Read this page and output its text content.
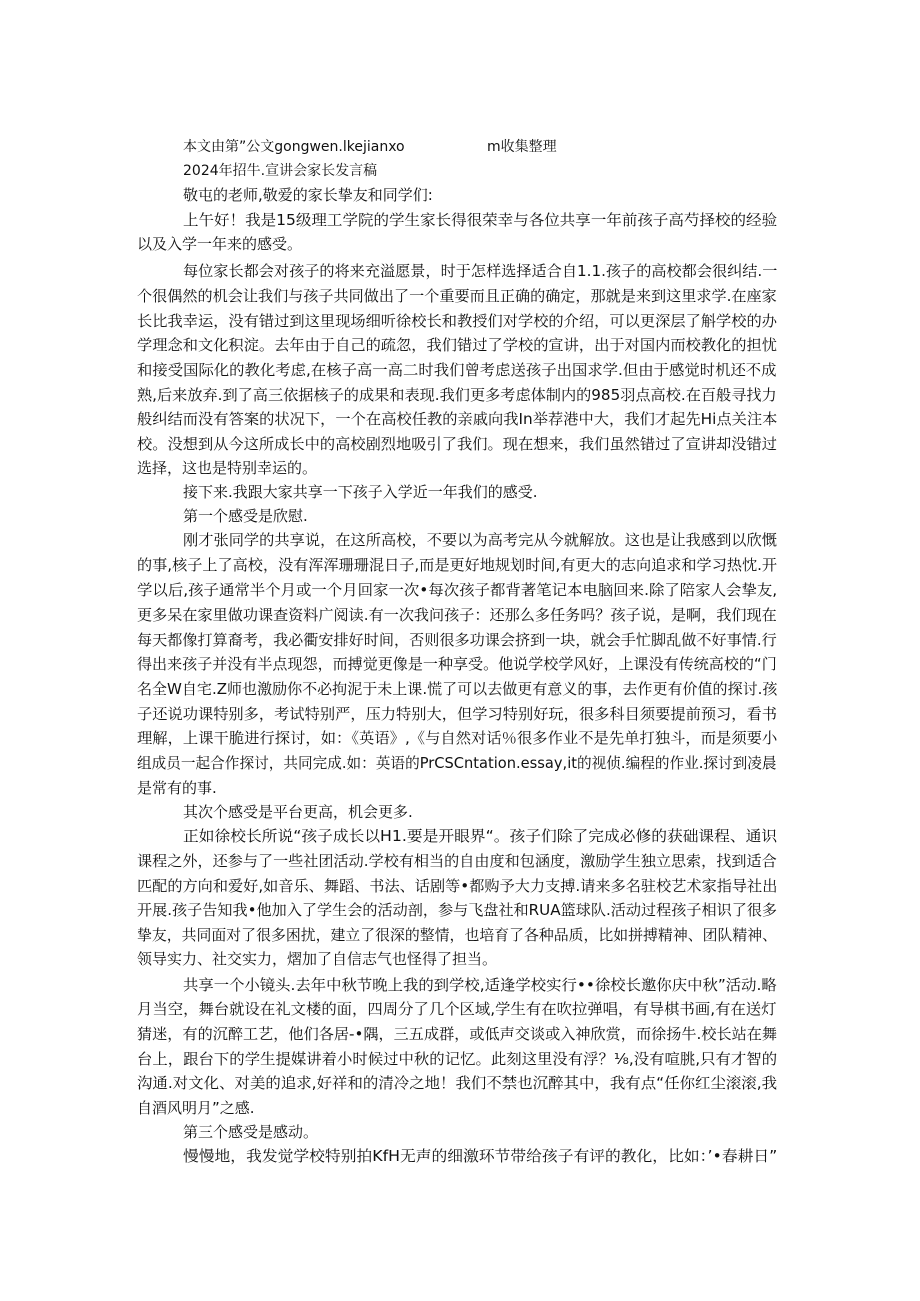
本文由第”公文gongwen.lkejianxo	m收集整理
2024年招牛.宣讲会家长发言稿
敬屯的老师,敬爱的家长挚友和同学们:
上午好！我是15级理工学院的学生家长得很荣幸与各位共享一年前孩子高芍择校的经验
以及入学一年来的感受。
每位家长都会对孩子的将来充溢愿景，时于怎样选择适合自1.1.孩子的高校都会很纠结.一
个很偶然的机会让我们与孩子共同做出了一个重要而且正确的确定，那就是来到这里求学.在座家
长比我幸运，没有错过到这里现场细听徐校长和教授们对学校的介绍，可以更深层了斛学校的办
学理念和文化积淀。去年由于自己的疏忽，我们错过了学校的宣讲，出于对国内而校教化的担忧
和接受国际化的教化考虑,在核子高一高二时我们曾考虑送孩子出国求学.但由于感觉时机还不成
熟,后来放弃.到了高三依据核子的成果和表现.我们更多考虑体制内的985羽点高校.在百般寻找力
般纠结而没有答案的状况下，一个在高校任教的亲戚向我In举荐港中大，我们才起先Hi点关注本
校。没想到从今这所成长中的高校剧烈地吸引了我们。现在想来，我们虽然错过了宣讲却没错过
选择，这也是特别幸运的。
接下来.我跟大家共享一下孩子入学近一年我们的感受.
第一个感受是欣慰.
刚才张同学的共享说，在这所高校，不要以为高考完从今就解放。这也是让我感到以欣慨
的事,核子上了高校，没有浑浑珊珊混日子,而是更好地规划时间,有更大的志向追求和学习热忱.开
学以后,孩子通常半个月或一个月回家一次•每次孩子都背著笔记本电脑回来.除了陪家人会挚友,
更多呆在家里做功课查资料广阅读.有一次我问孩子：还那么多任务吗？孩子说，是啊，我们现在
每天都像打算裔考，我必衢安排好时间，否则很多功课会挤到一块，就会手忙脚乱做不好事情.行
得出来孩子并没有半点现怨，而搏觉更像是一种享受。他说学校学风好，上课没有传统高校的“门
名全W自宅.Z师也激励你不必拘泥于未上课.慌了可以去做更有意义的事，去作更有价值的探讨.孩
子还说功课特别多，考试特别严，压力特别大，但学习特别好玩，很多科目须要提前预习，看书
理解，上课干脆进行探讨，如：《英语》,《与自然对话％很多作业不是先单打独斗，而是须要小
组成员一起合作探讨，共同完成.如：英语的PrCSCntation.essay,it的视侦.编程的作业.探讨到凌晨
是常有的事.
其次个感受是平台更高，机会更多.
正如徐校长所说“孩子成长以H1.要是开眼界“。孩子们除了完成必修的获础课程、通识
课程之外，还参与了一些社团活动.学校有相当的自由度和包涵度，激励学生独立思索，找到适合
匹配的方向和爱好,如音乐、舞蹈、书法、话剧等•都购予大力支搏.请来多名驻校艺术家指导社出
开展.孩子告知我•他加入了学生会的活动剖，参与飞盘社和RUA篮球队.活动过程孩子相识了很多
挚友，共同面对了很多困扰，建立了很深的整情，也培育了各种品质，比如拼搏精神、团队精神、
领导实力、社交实力，熠加了自信志气也怪得了担当。
共享一个小镜头.去年中秋节晚上我的到学校,适逢学校实行••徐校长邀你庆中秋”活动.略
月当空，舞台就设在礼文楼的面，四周分了几个区域,学生有在吹拉弹唱，有导棋书画,有在送灯
猜迷，有的沉醉工艺，他们各居-•隅，三五成群，或低声交谈或入神欣赏，而徐扬牛.校长站在舞
台上，跟台下的学生提媒讲着小时候过中秋的记忆。此刻这里没有浮？⅛,没有喧朓,只有才智的
沟通.对文化、对美的追求,好祥和的清冷之地！我们不禁也沉醉其中，我有点“任你红尘滚滚,我
自酒风明月”之感.
第三个感受是感动。
慢慢地，我发觉学校特别拍KfH无声的细激环节带给孩子有评的教化，比如：’•春耕日”
